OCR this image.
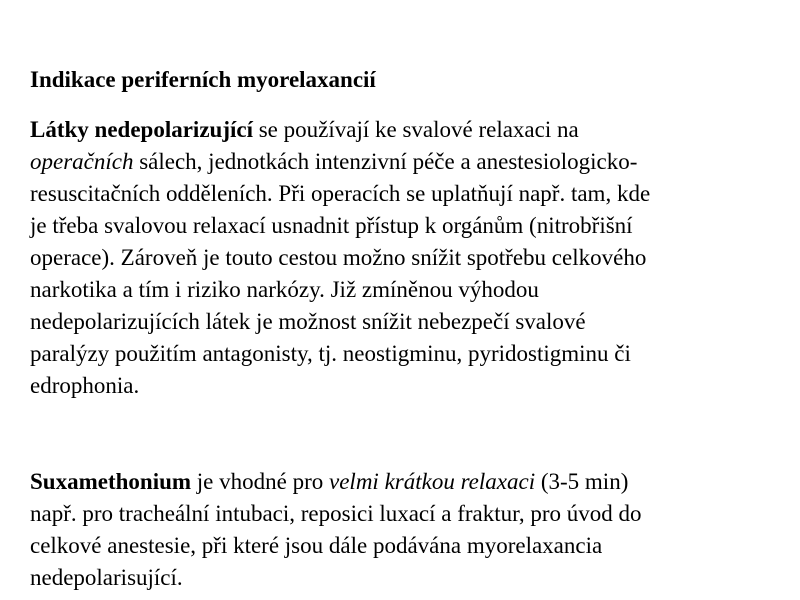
Indikace periferních myorelaxancií
Látky nedepolarizující se používají ke svalové relaxaci na
operačních sálech, jednotkách intenzivní péče a anestesiologicko-
resuscitačních odděleních. Při operacích se uplatňují např. tam, kde
je třeba svalovou relaxací usnadnit přístup k orgánům (nitrobřišní
operace). Zároveň je touto cestou možno snížit spotřebu celkového
narkotika a tím i riziko narkózy. Již zmíněnou výhodou
nedepolarizujících látek je možnost snížit nebezpečí svalové
paralýzy použitím antagonisty, tj. neostigminu, pyridostigminu či
edrophonia.
Suxamethonium je vhodné pro velmi krátkou relaxaci (3-5 min)
např. pro tracheální intubaci, reposici luxací a fraktur, pro úvod do
celkové anestesie, při které jsou dále podávána myorelaxancia
nedepolarisující.
